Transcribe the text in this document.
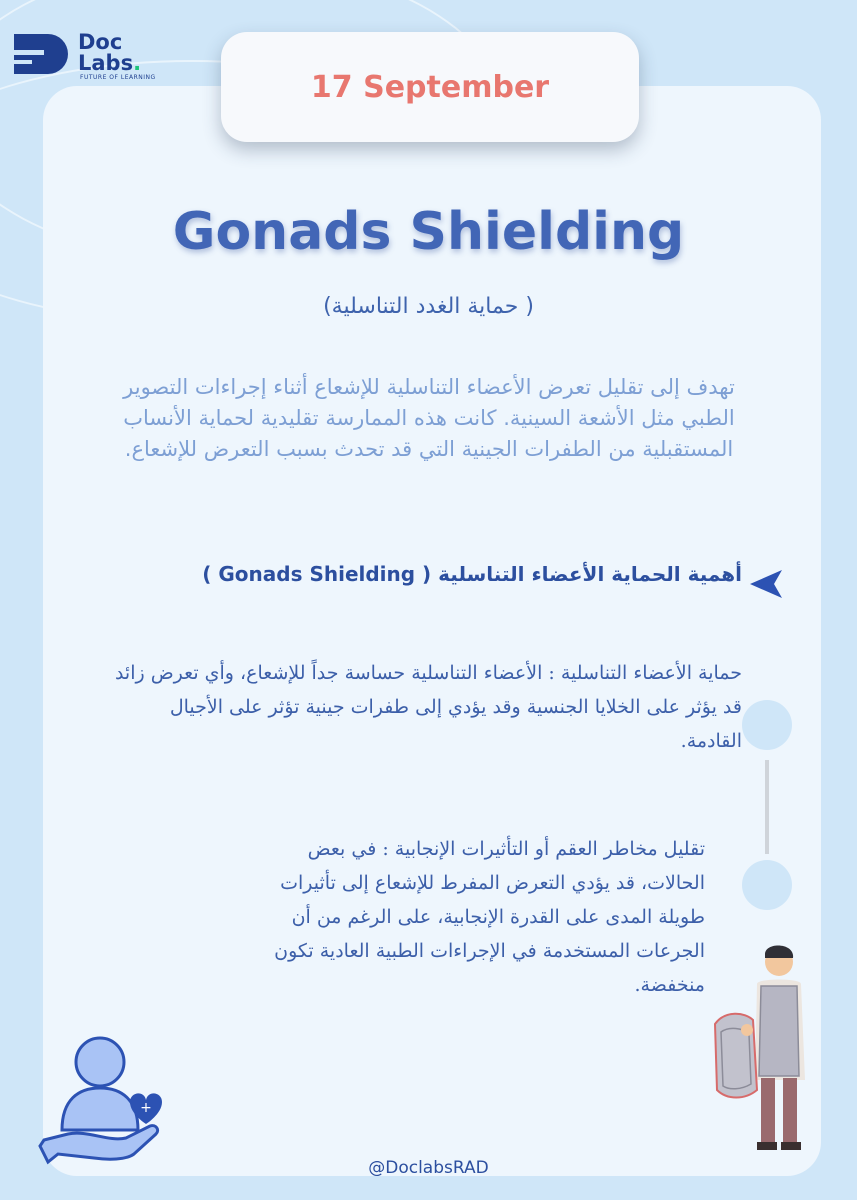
Doc
Labs.
FUTURE OF LEARNING	17 September
Gonads Shielding
( حماية الغدد التناسلية)
تهدف إلى تقليل تعرض الأعضاء التناسلية للإشعاع أثناء إجراءات التصوير الطبي مثل الأشعة السينية. كانت هذه الممارسة تقليدية لحماية الأنساب المستقبلية من الطفرات الجينية التي قد تحدث بسبب التعرض للإشعاع.
أهمية الحماية الأعضاء التناسلية ( Gonads Shielding )
حماية الأعضاء التناسلية : الأعضاء التناسلية حساسة جداً للإشعاع، وأي تعرض زائد قد يؤثر على الخلايا الجنسية وقد يؤدي إلى طفرات جينية تؤثر على الأجيال القادمة.
تقليل مخاطر العقم أو التأثيرات الإنجابية : في بعض الحالات، قد يؤدي التعرض المفرط للإشعاع إلى تأثيرات طويلة المدى على القدرة الإنجابية، على الرغم من أن الجرعات المستخدمة في الإجراءات الطبية العادية تكون منخفضة.
+
@DoclabsRAD
